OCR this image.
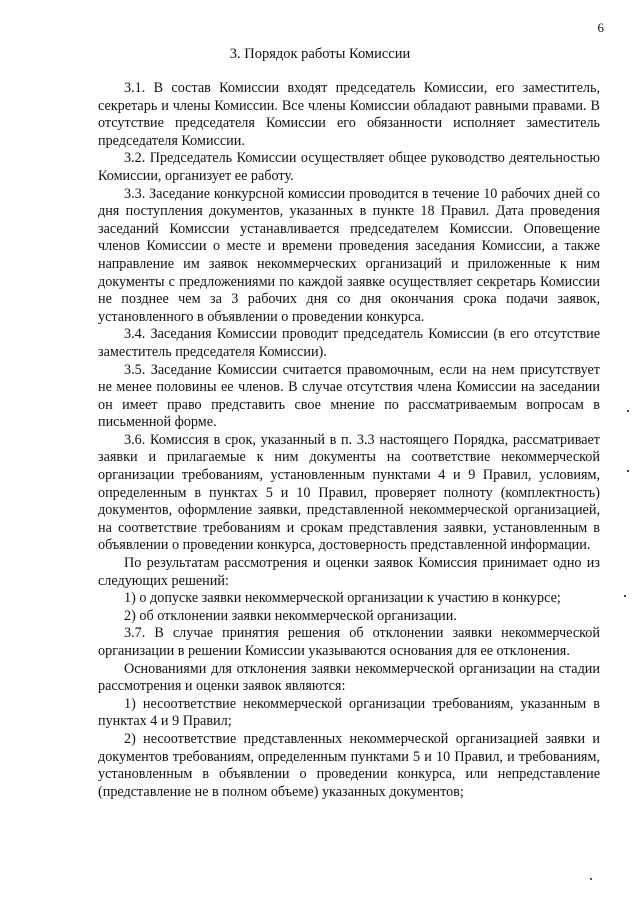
6
3. Порядок работы Комиссии

3.1. В состав Комиссии входят председатель Комиссии, его заместитель, секретарь и члены Комиссии. Все члены Комиссии обладают равными правами. В отсутствие председателя Комиссии его обязанности исполняет заместитель председателя Комиссии.

3.2. Председатель Комиссии осуществляет общее руководство деятельностью Комиссии, организует ее работу.

3.3. Заседание конкурсной комиссии проводится в течение 10 рабочих дней со дня поступления документов, указанных в пункте 18 Правил. Дата проведения заседаний Комиссии устанавливается председателем Комиссии. Оповещение членов Комиссии о месте и времени проведения заседания Комиссии, а также направление им заявок некоммерческих организаций и приложенные к ним документы с предложениями по каждой заявке осуществляет секретарь Комиссии не позднее чем за 3 рабочих дня со дня окончания срока подачи заявок, установленного в объявлении о проведении конкурса.

3.4. Заседания Комиссии проводит председатель Комиссии (в его отсутствие заместитель председателя Комиссии).

3.5. Заседание Комиссии считается правомочным, если на нем присутствует не менее половины ее членов. В случае отсутствия члена Комиссии на заседании он имеет право представить свое мнение по рассматриваемым вопросам в письменной форме.

3.6. Комиссия в срок, указанный в п. 3.3 настоящего Порядка, рассматривает заявки и прилагаемые к ним документы на соответствие некоммерческой организации требованиям, установленным пунктами 4 и 9 Правил, условиям, определенным в пунктах 5 и 10 Правил, проверяет полноту (комплектность) документов, оформление заявки, представленной некоммерческой организацией, на соответствие требованиям и срокам представления заявки, установленным в объявлении о проведении конкурса, достоверность представленной информации.

По результатам рассмотрения и оценки заявок Комиссия принимает одно из следующих решений:

1) о допуске заявки некоммерческой организации к участию в конкурсе;

2) об отклонении заявки некоммерческой организации.

3.7. В случае принятия решения об отклонении заявки некоммерческой организации в решении Комиссии указываются основания для ее отклонения.

Основаниями для отклонения заявки некоммерческой организации на стадии рассмотрения и оценки заявок являются:

1) несоответствие некоммерческой организации требованиям, указанным в пунктах 4 и 9 Правил;

2) несоответствие представленных некоммерческой организацией заявки и документов требованиям, определенным пунктами 5 и 10 Правил, и требованиям, установленным в объявлении о проведении конкурса, или непредставление (представление не в полном объеме) указанных документов;
